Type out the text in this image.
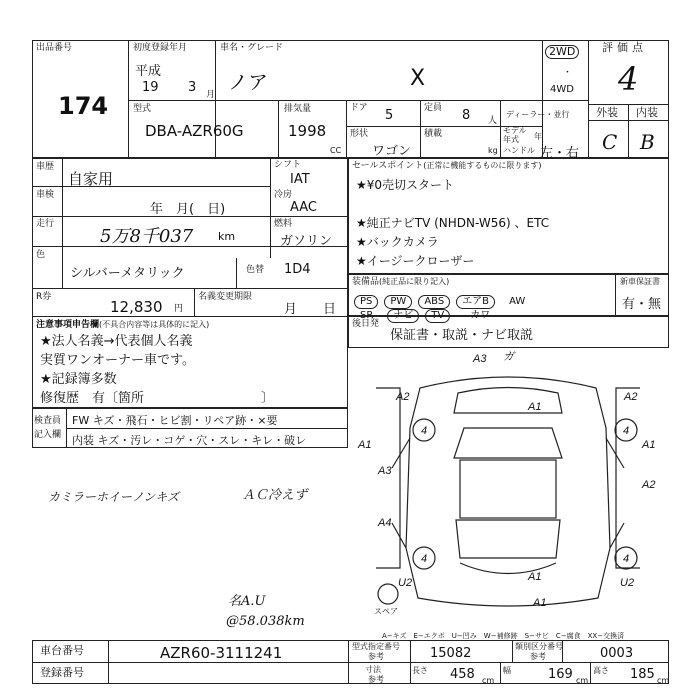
出品番号
174
初度登録年月
平成
19 3 月
車名・グレード
ノア	X
2WD
・
4WD
評価点
4
外装 内装
C B
型式
DBA-AZR60G
排気量
1998
CC
ドア 5	定員 8 人
ディーラー・並行
形状
ワゴン
積載
kg
モデル年式	年
ハンドル 左・右
車歴
自家用
車検
年　月(　日)
走行
5万8千037 km
色
シルバーメタリック	色替 1D4
シフト
IAT
冷房
AAC
燃料
ガソリン
R券
12,830 円
名義変更期限
月　　日
注意事項申告欄(不具合内容等は具体的に記入)
★法人名義→代表個人名義
実質ワンオーナー車です。
★記録簿多数
修復歴　有〔箇所　　　　　　　　　〕
セールスポイント(正常に機能するものに限ります)
★¥0売切スタート
★純正ナビTV (NHDN-W56) 、ETC
★バックカメラ
★イージークローザー
装備品(純正品に限り記入)
PS PW ABS エアB AW
SR ナビ TV	カワ
新車保証書
有・無
後日発
保証書・取説・ナビ取説
検査員
記入欄
FW キズ・飛石・ヒビ割・リペア跡・×要
内装 キズ・汚レ・コゲ・穴・スレ・キレ・破レ
カミラーホイーノンキズ	ＡＣ冷えず
名A.U
@58.038km
4	4
4	4
A3 ガ
A1
A2	A2
A1	A1
A3
A4
A2
A1
A1
U2	U2
スペア
A−キズ　E−エクボ　U−凹み　W−補修跡　S−サビ　C−腐食　XX−交換済
車台番号	AZR60-3111241
登録番号
型式指定番号
参考	15082	類別区分番号
参考	0003
寸法
参考
長さ 458 cm
幅	169 cm
高さ 185 cm
